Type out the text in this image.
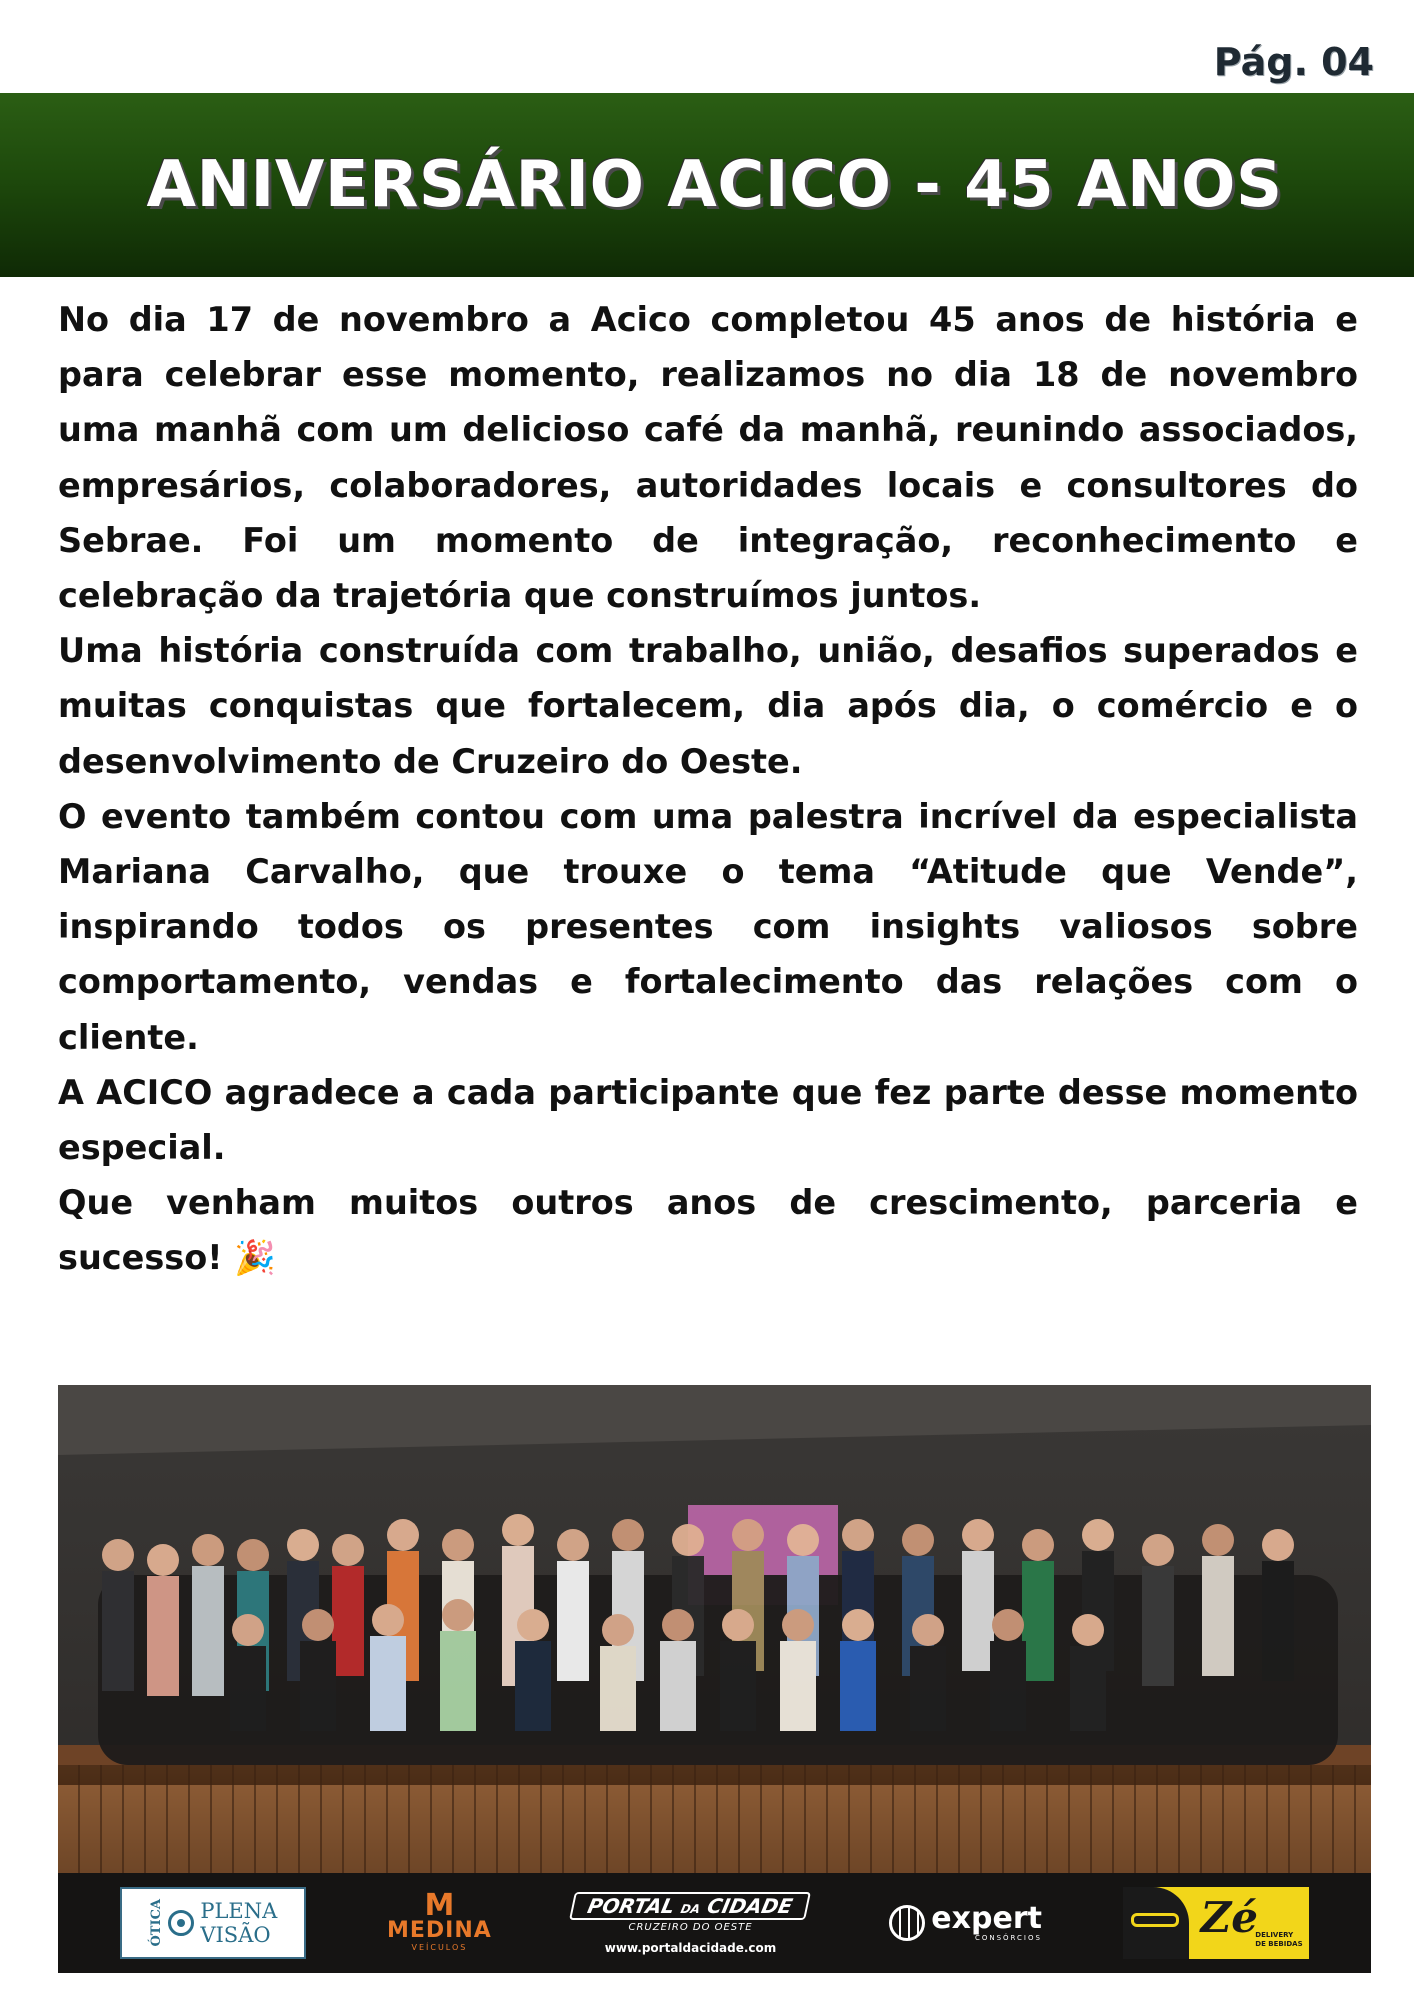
Pág. 04
ANIVERSÁRIO ACICO - 45 ANOS

No dia 17 de novembro a Acico completou 45 anos de história e para celebrar esse momento, realizamos no dia 18 de novembro uma manhã com um delicioso café da manhã, reunindo associados, empresários, colaboradores, autoridades locais e consultores do Sebrae. Foi um momento de integração, reconhecimento e celebração da trajetória que construímos juntos.

Uma história construída com trabalho, união, desafios superados e muitas conquistas que fortalecem, dia após dia, o comércio e o desenvolvimento de Cruzeiro do Oeste.

O evento também contou com uma palestra incrível da especialista Mariana Carvalho, que trouxe o tema “Atitude que Vende”, inspirando todos os presentes com insights valiosos sobre comportamento, vendas e fortalecimento das relações com o cliente.

A ACICO agradece a cada participante que fez parte desse momento especial.

Que venham muitos outros anos de crescimento, parceria e sucesso! 🎉

ÓTICA PLENA
VISÃO
M
MEDINA
VEÍCULOS
PORTAL DA CIDADE
CRUZEIRO DO OESTE
www.portaldacidade.com
expert
CONSÓRCIOS	Zé
DELIVERY
DE BEBIDAS
